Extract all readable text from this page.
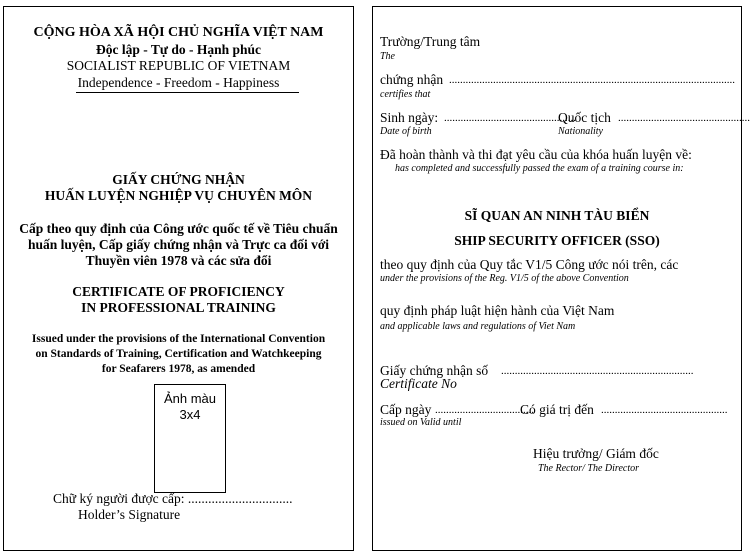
CỘNG HÒA XÃ HỘI CHỦ NGHĨA VIỆT NAM
Độc lập - Tự do - Hạnh phúc
SOCIALIST REPUBLIC OF VIETNAM
Independence - Freedom - Happiness
GIẤY CHỨNG NHẬN
HUẤN LUYỆN NGHIỆP VỤ CHUYÊN MÔN
Cấp theo quy định của Công ước quốc tế về Tiêu chuẩn
huấn luyện, Cấp giấy chứng nhận và Trực ca đối với
Thuyền viên 1978 và các sửa đổi
CERTIFICATE OF PROFICIENCY
IN PROFESSIONAL TRAINING
Issued under the provisions of the International Convention
on Standards of Training, Certification and Watchkeeping
for Seafarers 1978, as amended
Ảnh màu
3x4
Chữ ký người được cấp: ...............................
Holder’s Signature
Trường/Trung tâm
The
chứng nhận ........................................................................................................
certifies that
Sinh ngày: ................................................
Quốc tịch ................................................
Date of birth	Nationality
Đã hoàn thành và thi đạt yêu cầu của khóa huấn luyện về:
has completed and successfully passed the exam of a training course in:
SĨ QUAN AN NINH TÀU BIỂN
SHIP SECURITY OFFICER (SSO)
theo quy định của Quy tắc V1/5 Công ước nói trên, các
under the provisions of the Reg. V1/5 of the above Convention
quy định pháp luật hiện hành của Việt Nam
and applicable laws and regulations of Viet Nam
Giấy chứng nhận số ......................................................................
Certificate No
Cấp ngày ....................................
Có giá trị đến ..............................................
issued on Valid until
Hiệu trưởng/ Giám đốc
The Rector/ The Director
